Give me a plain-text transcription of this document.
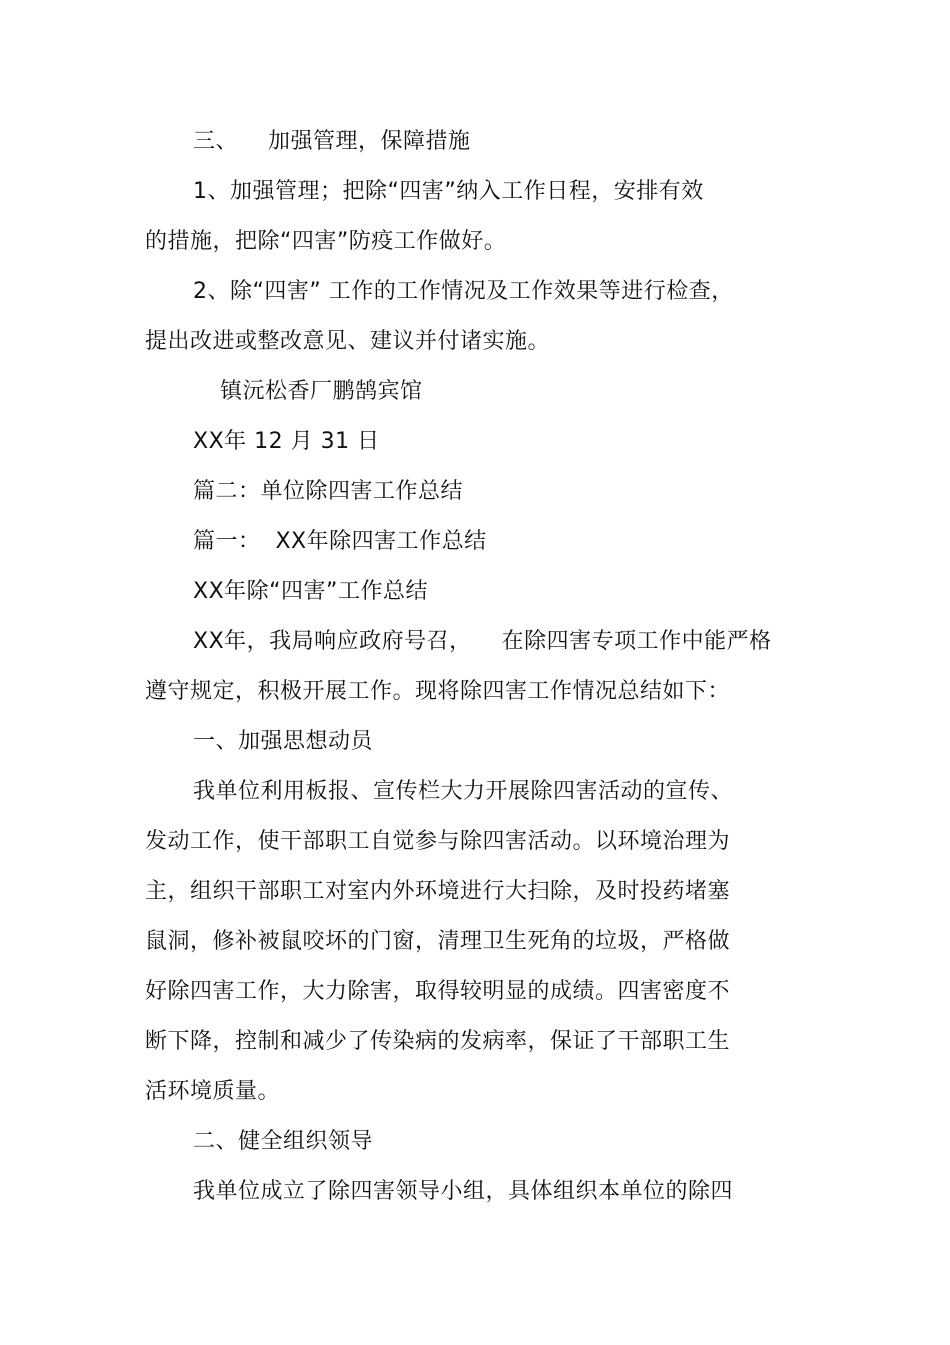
三、    加强管理，保障措施
1、加强管理；把除“四害”纳入工作日程，安排有效
的措施，把除“四害”防疫工作做好。
2、除“四害” 工作的工作情况及工作效果等进行检查，
提出改进或整改意见、建议并付诸实施。
镇沅松香厂鹏鹄宾馆
XX年 12 月 31 日
篇二：单位除四害工作总结
篇一：  XX年除四害工作总结
XX年除“四害”工作总结
XX年，我局响应政府号召，    在除四害专项工作中能严格
遵守规定，积极开展工作。现将除四害工作情况总结如下：
一、加强思想动员
我单位利用板报、宣传栏大力开展除四害活动的宣传、
发动工作，使干部职工自觉参与除四害活动。以环境治理为
主，组织干部职工对室内外环境进行大扫除，及时投药堵塞
鼠洞，修补被鼠咬坏的门窗，清理卫生死角的垃圾，严格做
好除四害工作，大力除害，取得较明显的成绩。四害密度不
断下降，控制和减少了传染病的发病率，保证了干部职工生
活环境质量。
二、健全组织领导
我单位成立了除四害领导小组，具体组织本单位的除四
